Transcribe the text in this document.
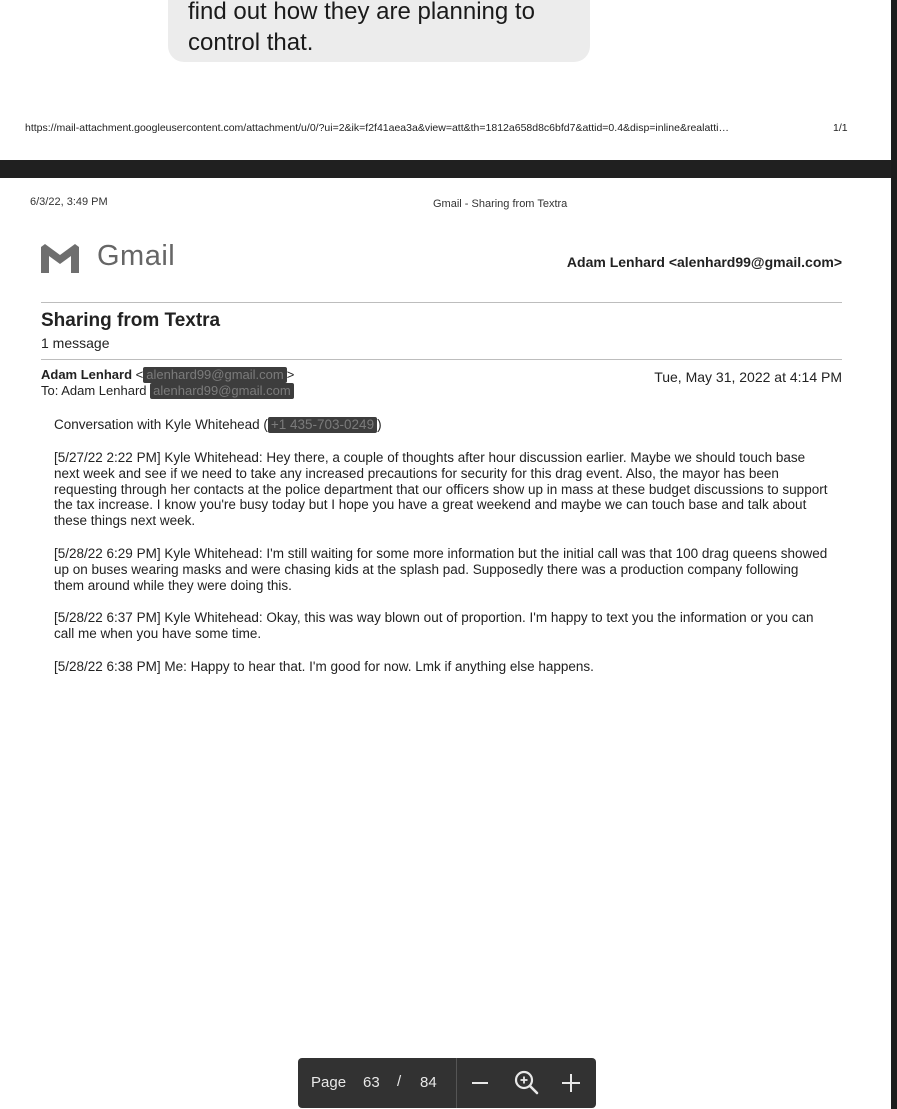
find out how they are planning to
control that.

https://mail-attachment.googleusercontent.com/attachment/u/0/?ui=2&ik=f2f41aea3a&view=att&th=1812a658d8c6bfd7&attid=0.4&disp=inline&realatti…	1/1
6/3/22, 3:49 PM	Gmail - Sharing from Textra
Gmail	Adam Lenhard <alenhard99@gmail.com>
Sharing from Textra
1 message
Adam Lenhard < alenhard99@gmail.com >
To: Adam Lenhard alenhard99@gmail.com
Tue, May 31, 2022 at 4:14 PM

Conversation with Kyle Whitehead ( +1 435-703-0249 )

[5/27/22 2:22 PM] Kyle Whitehead: Hey there, a couple of thoughts after hour discussion earlier. Maybe we should touch base next week and see if we need to take any increased precautions for security for this drag event. Also, the mayor has been requesting through her contacts at the police department that our officers show up in mass at these budget discussions to support the tax increase. I know you're busy today but I hope you have a great weekend and maybe we can touch base and talk about these things next week.

[5/28/22 6:29 PM] Kyle Whitehead: I'm still waiting for some more information but the initial call was that 100 drag queens showed up on buses wearing masks and were chasing kids at the splash pad. Supposedly there was a production company following them around while they were doing this.

[5/28/22 6:37 PM] Kyle Whitehead: Okay, this was way blown out of proportion. I'm happy to text you the information or you can call me when you have some time.

[5/28/22 6:38 PM] Me: Happy to hear that. I'm good for now. Lmk if anything else happens.

Page 63 / 84
